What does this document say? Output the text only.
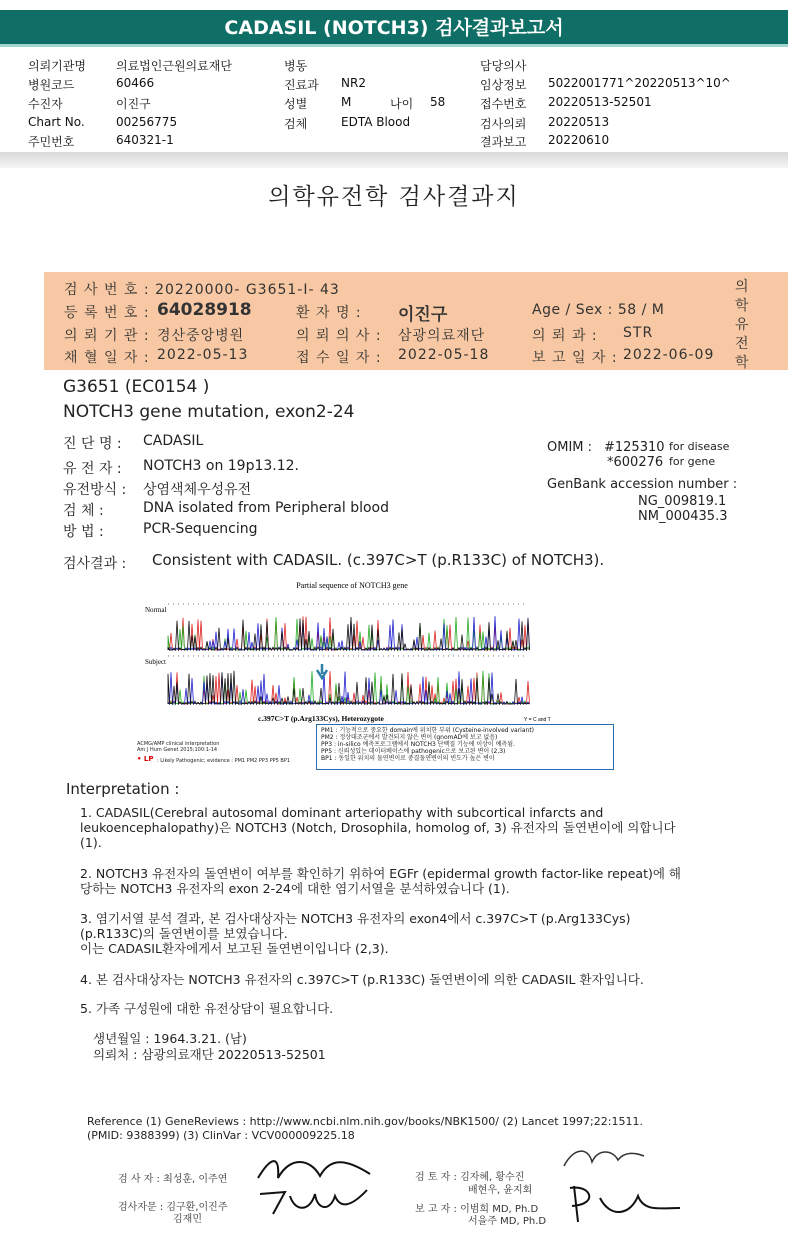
CADASIL (NOTCH3) 검사결과보고서
의뢰기관명	의료법인근원의료재단
병원코드	60466
수진자	이진구
Chart No.	00256775
주민번호	640321-1
병동
진료과 NR2
성별	M	나이 58
검체	EDTA Blood
담당의사
임상정보 5022001771^20220513^10^
접수번호 20220513-52501
검사의뢰 20220513
결과보고 20220610
의학유전학 검사결과지
검 사 번 호 : 20220000- G3651-I- 43
등 록 번 호 : 64028918	환 자 명 : 이진구	Age / Sex : 58 / M
의 뢰 기 관 : 경산중앙병원	의 뢰 의 사 : 삼광의료재단	의 뢰 과 : STR
채 혈 일 자 : 2022-05-13	접 수 일 자 : 2022-05-18	보 고 일 자 : 2022-06-09
의
학
유
전
학
G3651 (EC0154 )
NOTCH3 gene mutation, exon2-24
진 단 명 : CADASIL
유 전 자 : NOTCH3 on 19p13.12.
유전방식 : 상염색체우성유전
검 체 :	DNA isolated from Peripheral blood
방 법 :	PCR-Sequencing
OMIM : #125310 for disease
*600276 for gene
GenBank accession number :
NG_009819.1
NM_000435.3
검사결과 : Consistent with CADASIL. (c.397C>T (p.R133C) of NOTCH3).
Partial sequence of NOTCH3 gene
Normal
Subject
c.397C>T (p.Arg133Cys), Heterozygote	Y = C and T
ACMG/AMP clinical interpretation
Am J Hum Genet 2015;100:1-14
• LP : Likely Pathogenic; evidence : PM1 PM2 PP3 PP5 BP1
PM1 : 기능적으로 중요한 domain에 위치한 부위 (Cysteine-involved variant)
PM2 : 정상대조군에서 발견되지 않은 변이 (gnomAD에 보고 없음)
PP3 : in-silico 예측프로그램에서 NOTCH3 단백질 기능에 이상이 예측됨.
PP5 : 신뢰성있는 데이터베이스에 pathogenic으로 보고된 변이 (2,3)
BP1 : 동일한 위치의 돌연변이로 중결돌연변이의 빈도가 높은 변이
Interpretation :
1. CADASIL(Cerebral autosomal dominant arteriopathy with subcortical infarcts and
leukoencephalopathy)은 NOTCH3 (Notch, Drosophila, homolog of, 3) 유전자의 돌연변이에 의합니다
(1).
2. NOTCH3 유전자의 돌연변이 여부를 확인하기 위하여 EGFr (epidermal growth factor-like repeat)에 해
당하는 NOTCH3 유전자의 exon 2-24에 대한 염기서열을 분석하였습니다 (1).
3. 염기서열 분석 결과, 본 검사대상자는 NOTCH3 유전자의 exon4에서 c.397C>T (p.Arg133Cys)
(p.R133C)의 돌연변이를 보였습니다.
이는 CADASIL환자에게서 보고된 돌연변이입니다 (2,3).
4. 본 검사대상자는 NOTCH3 유전자의 c.397C>T (p.R133C) 돌연변이에 의한 CADASIL 환자입니다.
5. 가족 구성원에 대한 유전상담이 필요합니다.
생년월일 : 1964.3.21. (남)
의뢰처 : 삼광의료재단 20220513-52501
Reference (1) GeneReviews : http://www.ncbi.nlm.nih.gov/books/NBK1500/ (2) Lancet 1997;22:1511.
(PMID: 9388399) (3) ClinVar : VCV000009225.18
검 사 자 : 최성훈, 이주연
검사자문 : 김구환,이진주
김재민
검 토 자 : 김자혜, 황수진
배현우, 윤지회
보 고 자 : 이범희 MD, Ph.D
서을주 MD, Ph.D
